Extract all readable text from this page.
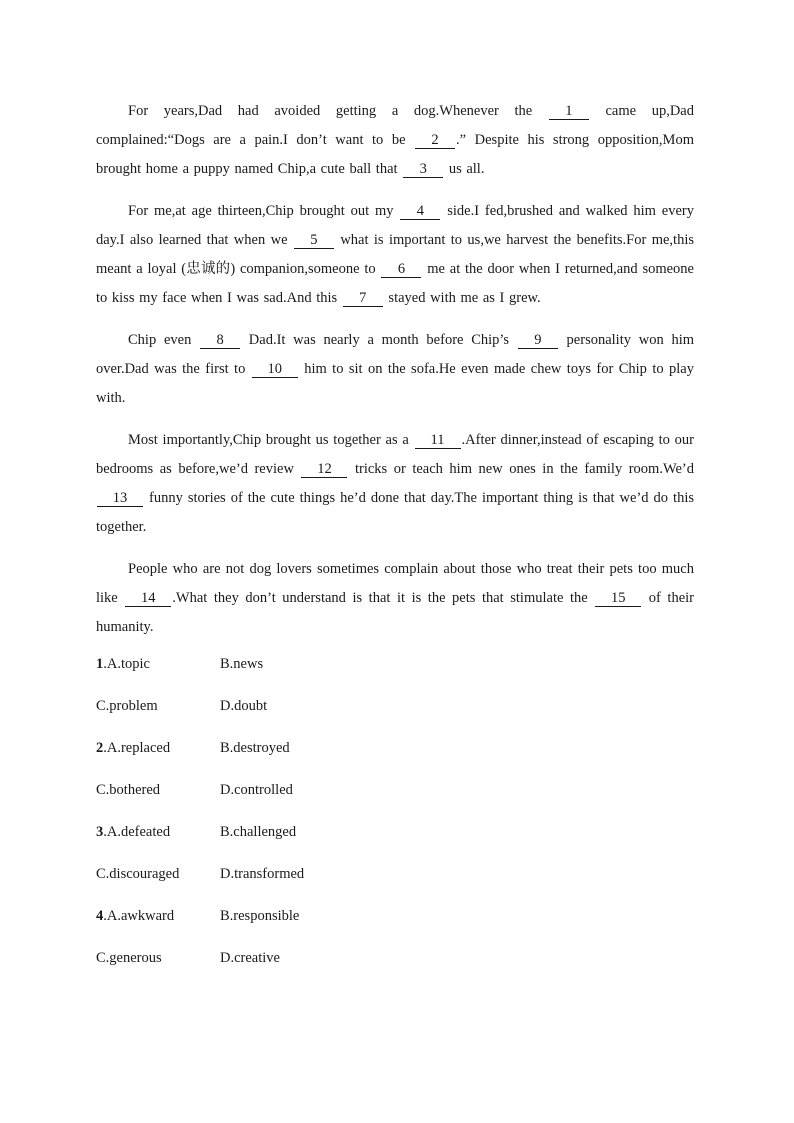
For years,Dad had avoided getting a dog.Whenever the 1 came up,Dad complained:“Dogs are a pain.I don’t want to be 2 .” Despite his strong opposition,Mom brought home a puppy named Chip,a cute ball that 3 us all.

For me,at age thirteen,Chip brought out my 4 side.I fed,brushed and walked him every day.I also learned that when we 5 what is important to us,we harvest the benefits.For me,this meant a loyal (忠诚的) companion,someone to 6 me at the door when I returned,and someone to kiss my face when I was sad.And this 7 stayed with me as I grew.

Chip even 8 Dad.It was nearly a month before Chip’s 9 personality won him over.Dad was the first to 10 him to sit on the sofa.He even made chew toys for Chip to play with.

Most importantly,Chip brought us together as a 11 .After dinner,instead of escaping to our bedrooms as before,we’d review 12 tricks or teach him new ones in the family room.We’d 13 funny stories of the cute things he’d done that day.The important thing is that we’d do this together.

People who are not dog lovers sometimes complain about those who treat their pets too much like 14 .What they don’t understand is that it is the pets that stimulate the 15 of their humanity.

1.A.topic	B.news
C.problem	D.doubt
2.A.replaced	B.destroyed
C.bothered	D.controlled
3.A.defeated	B.challenged
C.discouraged	D.transformed
4.A.awkward	B.responsible
C.generous	D.creative
